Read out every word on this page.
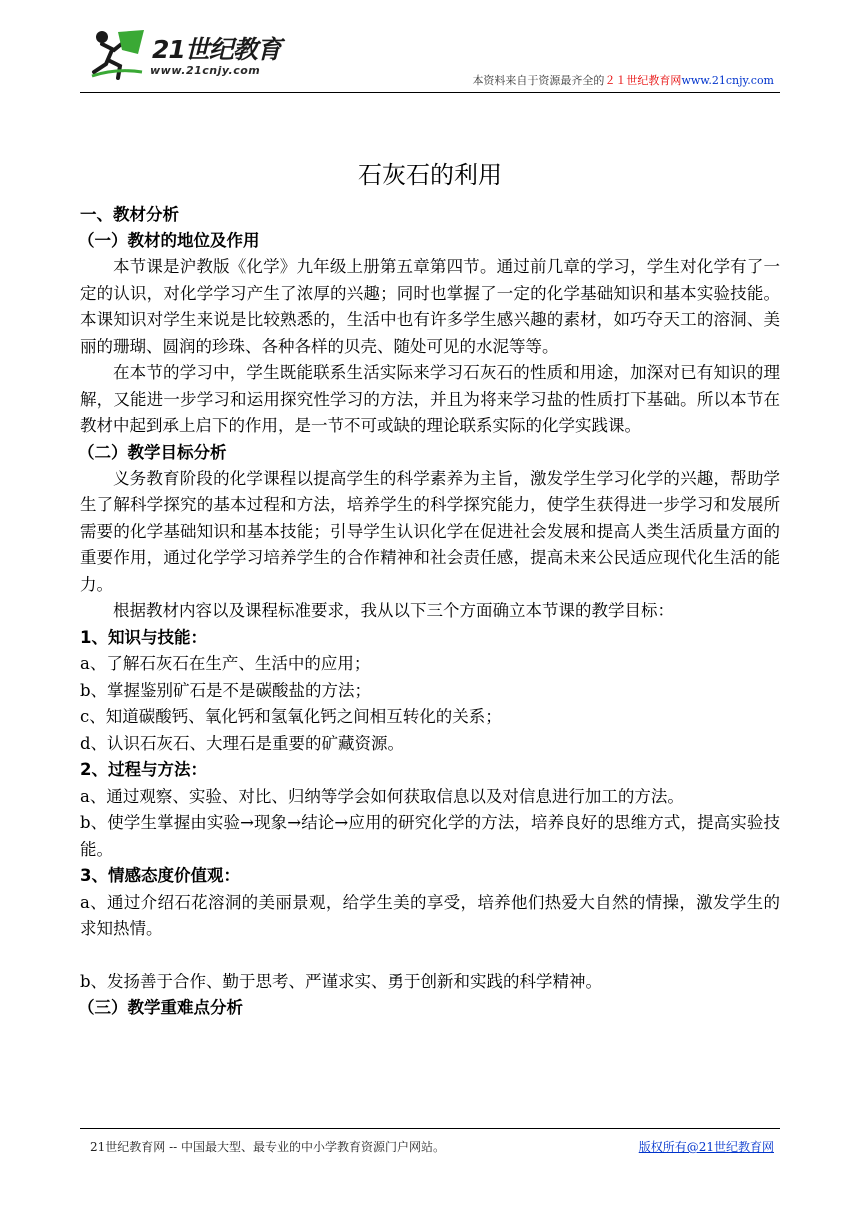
21世纪教育
www.21cnjy.com
本资料来自于资源最齐全的２１世纪教育网www.21cnjy.com
石灰石的利用

一、教材分析

（一）教材的地位及作用

本节课是沪教版《化学》九年级上册第五章第四节。通过前几章的学习，学生对化学有了一定的认识，对化学学习产生了浓厚的兴趣；同时也掌握了一定的化学基础知识和基本实验技能。本课知识对学生来说是比较熟悉的，生活中也有许多学生感兴趣的素材，如巧夺天工的溶洞、美丽的珊瑚、圆润的珍珠、各种各样的贝壳、随处可见的水泥等等。

在本节的学习中，学生既能联系生活实际来学习石灰石的性质和用途，加深对已有知识的理解，又能进一步学习和运用探究性学习的方法，并且为将来学习盐的性质打下基础。所以本节在教材中起到承上启下的作用，是一节不可或缺的理论联系实际的化学实践课。

（二）教学目标分析

义务教育阶段的化学课程以提高学生的科学素养为主旨，激发学生学习化学的兴趣，帮助学生了解科学探究的基本过程和方法，培养学生的科学探究能力，使学生获得进一步学习和发展所需要的化学基础知识和基本技能；引导学生认识化学在促进社会发展和提高人类生活质量方面的重要作用，通过化学学习培养学生的合作精神和社会责任感，提高未来公民适应现代化生活的能力。

根据教材内容以及课程标准要求，我从以下三个方面确立本节课的教学目标：

1、知识与技能：

a、了解石灰石在生产、生活中的应用；

b、掌握鉴别矿石是不是碳酸盐的方法；

c、知道碳酸钙、氧化钙和氢氧化钙之间相互转化的关系；

d、认识石灰石、大理石是重要的矿藏资源。

2、过程与方法：

a、通过观察、实验、对比、归纳等学会如何获取信息以及对信息进行加工的方法。

b、使学生掌握由实验→现象→结论→应用的研究化学的方法，培养良好的思维方式，提高实验技能。

3、情感态度价值观：

a、通过介绍石花溶洞的美丽景观，给学生美的享受，培养他们热爱大自然的情操，激发学生的求知热情。

b、发扬善于合作、勤于思考、严谨求实、勇于创新和实践的科学精神。

（三）教学重难点分析

21世纪教育网 -- 中国最大型、最专业的中小学教育资源门户网站。	版权所有@21世纪教育网
